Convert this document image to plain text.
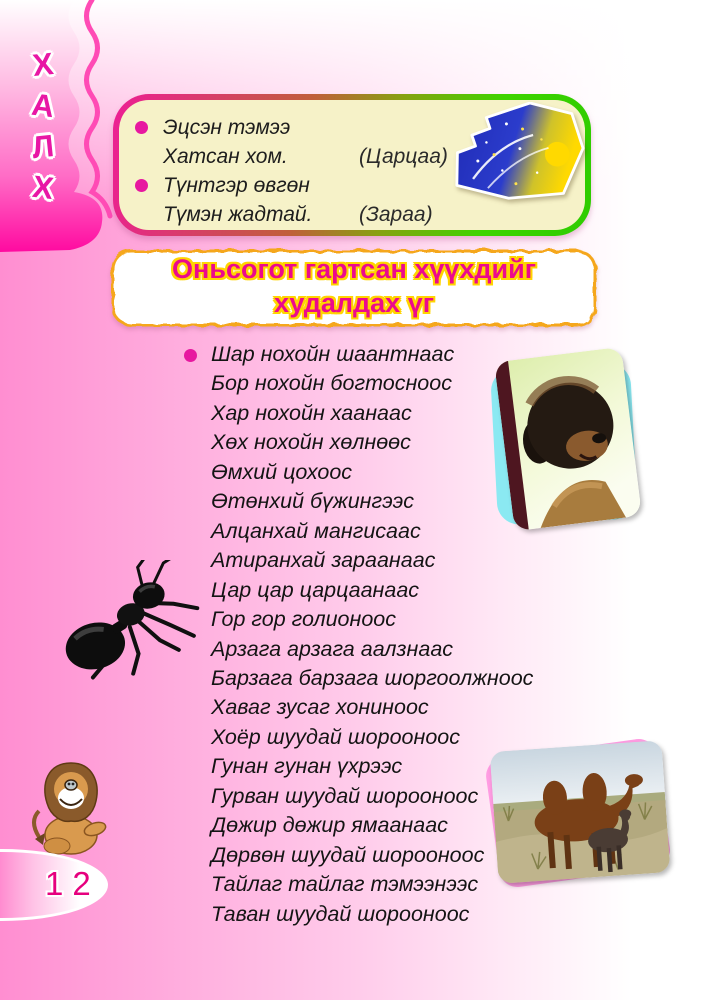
Х
А
Л
Х
Эцсэн тэмээ
Хатсан хом.	(Царцаа)
Түнтгэр өвгөн
Түмэн жадтай.	(Зараа)
Оньсогот гартсан хүүхдийг
худалдах үг
Шар нохойн шаантнаас
Бор нохойн богтосноос
Хар нохойн хаанаас
Хөх нохойн хөлнөөс
Өмхий цохоос
Өтөнхий бүжингээс
Алцанхай мангисаас
Атиранхай зараанаас
Цар цар царцаанаас
Гор гор голионоос
Арзага арзага аалзнаас
Барзага барзага шоргоолжноос
Хаваг зусаг хониноос
Хоёр шуудай шорооноос
Гунан гунан үхрээс
Гурван шуудай шорооноос
Дөжир дөжир ямаанаас
Дөрвөн шуудай шорооноос
Тайлаг тайлаг тэмээнээс
Таван шуудай шорооноос
12
